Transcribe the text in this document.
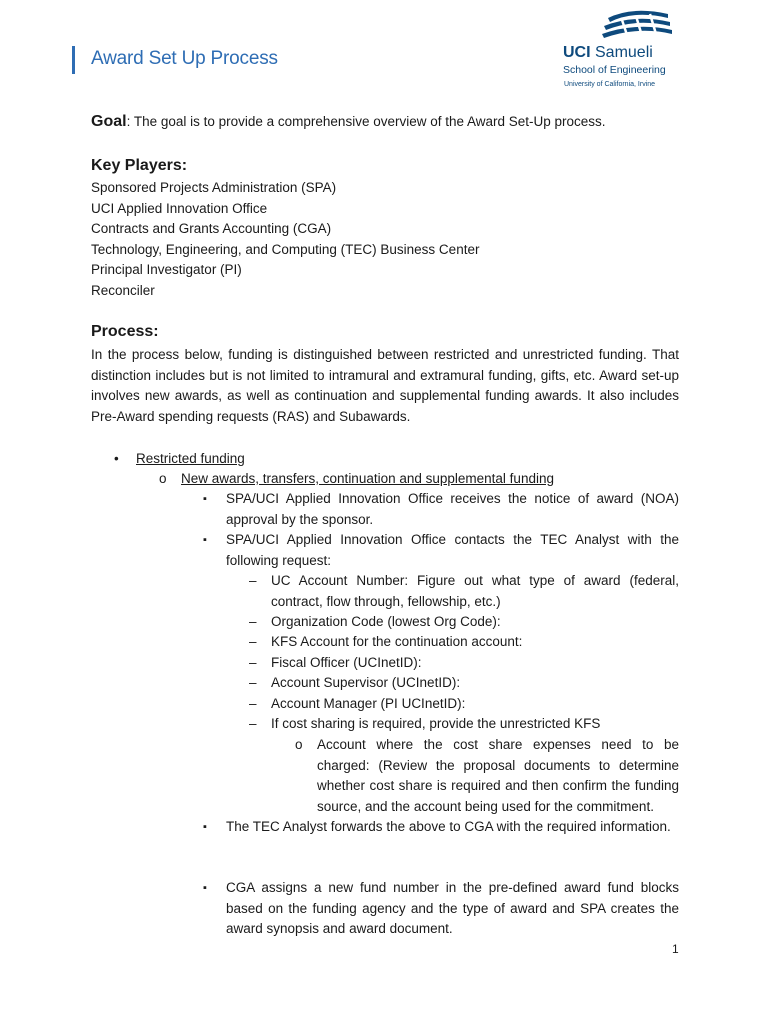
Award Set Up Process	UCI Samueli
School of Engineering
University of California, Irvine
Goal: The goal is to provide a comprehensive overview of the Award Set-Up process.
Key Players:
Sponsored Projects Administration (SPA)
UCI Applied Innovation Office
Contracts and Grants Accounting (CGA)
Technology, Engineering, and Computing (TEC) Business Center
Principal Investigator (PI)
Reconciler
Process:
In the process below, funding is distinguished between restricted and unrestricted funding. That distinction includes but is not limited to intramural and extramural funding, gifts, etc. Award set-up involves new awards, as well as continuation and supplemental funding awards. It also includes Pre-Award spending requests (RAS) and Subawards.
• Restricted funding
o New awards, transfers, continuation and supplemental funding
▪ SPA/UCI Applied Innovation Office receives the notice of award (NOA) approval by the sponsor.
▪ SPA/UCI Applied Innovation Office contacts the TEC Analyst with the following request:
– UC Account Number: Figure out what type of award (federal, contract, flow through, fellowship, etc.)
– Organization Code (lowest Org Code):
– KFS Account for the continuation account:
– Fiscal Officer (UCInetID):
– Account Supervisor (UCInetID):
– Account Manager (PI UCInetID):
– If cost sharing is required, provide the unrestricted KFS
o Account where the cost share expenses need to be charged: (Review the proposal documents to determine whether cost share is required and then confirm the funding source, and the account being used for the commitment.
▪ The TEC Analyst forwards the above to CGA with the required information.
▪ CGA assigns a new fund number in the pre-defined award fund blocks based on the funding agency and the type of award and SPA creates the award synopsis and award document.
1
